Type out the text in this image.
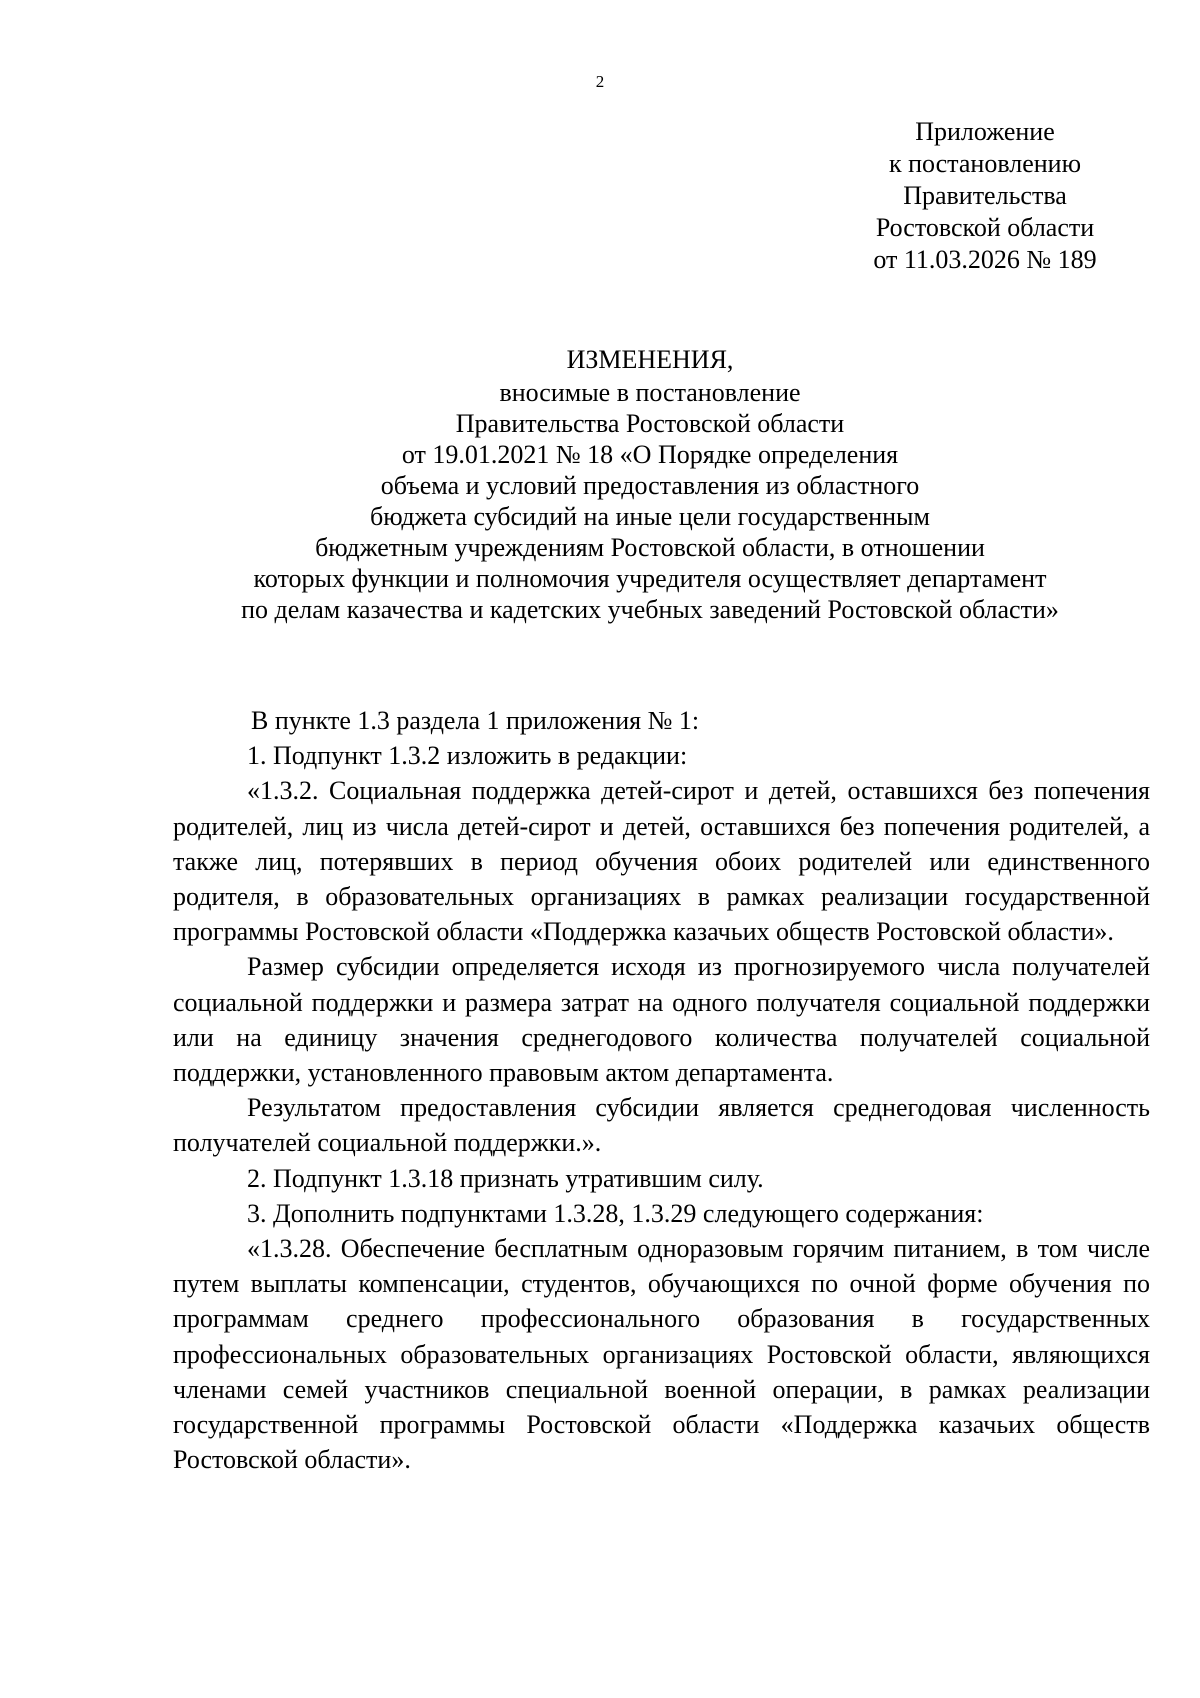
2
Приложение
к постановлению
Правительства
Ростовской области
от 11.03.2026 № 189
ИЗМЕНЕНИЯ,
вносимые в постановление
Правительства Ростовской области
от 19.01.2021 № 18 «О Порядке определения
объема и условий предоставления из областного
бюджета субсидий на иные цели государственным
бюджетным учреждениям Ростовской области, в отношении
которых функции и полномочия учредителя осуществляет департамент
по делам казачества и кадетских учебных заведений Ростовской области»
В пункте 1.3 раздела 1 приложения № 1:
1. Подпункт 1.3.2 изложить в редакции:
«1.3.2. Социальная поддержка детей-сирот и детей, оставшихся без попечения родителей, лиц из числа детей-сирот и детей, оставшихся без попечения родителей, а также лиц, потерявших в период обучения обоих родителей или единственного родителя, в образовательных организациях в рамках реализации государственной программы Ростовской области «Поддержка казачьих обществ Ростовской области».
Размер субсидии определяется исходя из прогнозируемого числа получателей социальной поддержки и размера затрат на одного получателя социальной поддержки или на единицу значения среднегодового количества получателей социальной поддержки, установленного правовым актом департамента.
Результатом предоставления субсидии является среднегодовая численность получателей социальной поддержки.».
2. Подпункт 1.3.18 признать утратившим силу.
3. Дополнить подпунктами 1.3.28, 1.3.29 следующего содержания:
«1.3.28. Обеспечение бесплатным одноразовым горячим питанием, в том числе путем выплаты компенсации, студентов, обучающихся по очной форме обучения по программам среднего профессионального образования в государственных профессиональных образовательных организациях Ростовской области, являющихся членами семей участников специальной военной операции, в рамках реализации государственной программы Ростовской области «Поддержка казачьих обществ Ростовской области».
